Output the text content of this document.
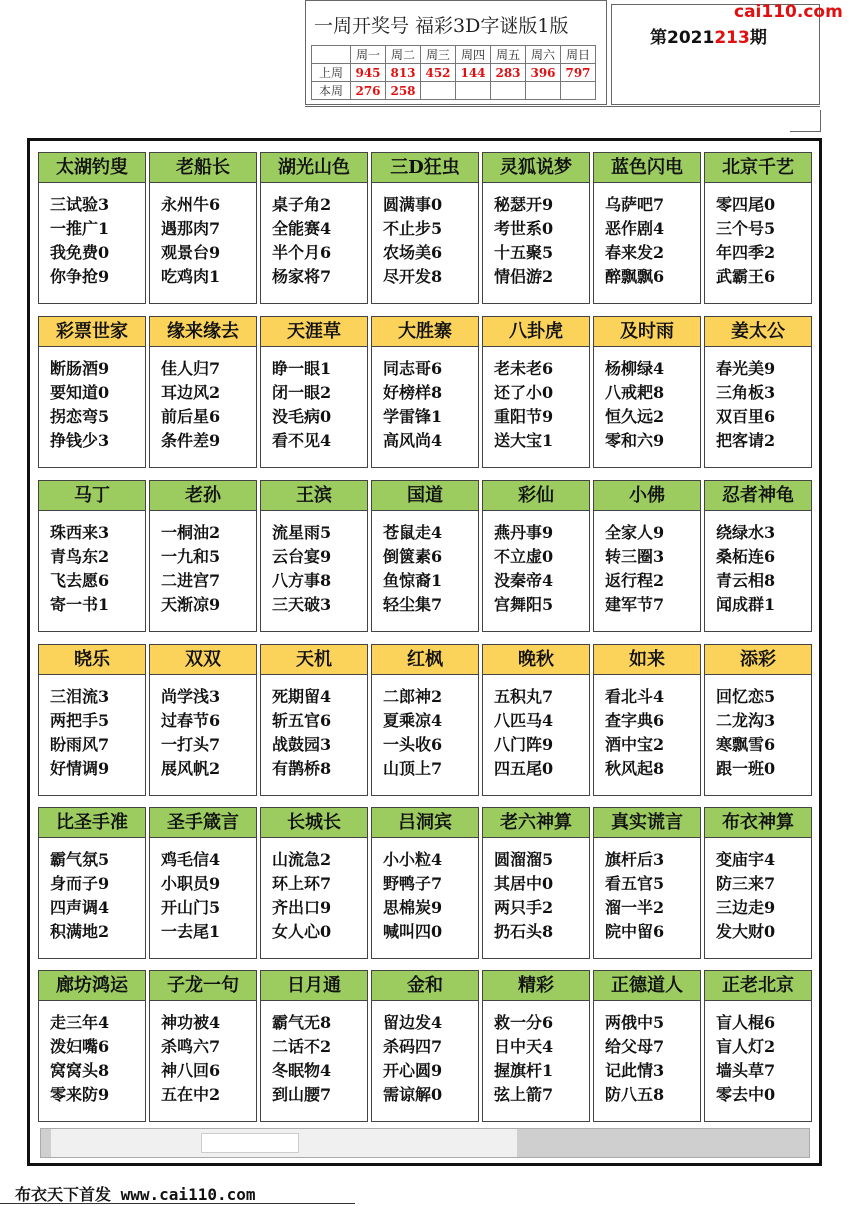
一周开奖号 福彩3D字谜版1版
	周一	周二	周三	周四	周五	周六	周日
上周	945	813	452	144	283	396	797
本周	276	258					
第2021213期
cai110.com
太湖钓叟
三试验3
一推广1
我免费0
你争抢9
老船长
永州牛6
遇那肉7
观景台9
吃鸡肉1
湖光山色
桌子角2
全能赛4
半个月6
杨家将7
三D狂虫
圆满事0
不止步5
农场美6
尽开发8
灵狐说梦
秘瑟开9
考世系0
十五聚5
情侣游2
蓝色闪电
乌萨吧7
恶作剧4
春来发2
醉飘飘6
北京千艺
零四尾0
三个号5
年四季2
武霸王6
彩票世家
断肠酒9
要知道0
拐恋弯5
挣钱少3
缘来缘去
佳人归7
耳边风2
前后星6
条件差9
天涯草
睁一眼1
闭一眼2
没毛病0
看不见4
大胜寨
同志哥6
好榜样8
学雷锋1
高风尚4
八卦虎
老未老6
还了小0
重阳节9
送大宝1
及时雨
杨柳绿4
八戒耙8
恒久远2
零和六9
姜太公
春光美9
三角板3
双百里6
把客请2
马丁
珠西来3
青鸟东2
飞去愿6
寄一书1
老孙
一桐油2
一九和5
二进宫7
天渐凉9
王滨
流星雨5
云台宴9
八方事8
三天破3
国道
苍鼠走4
倒篋素6
鱼惊裔1
轻尘集7
彩仙
燕丹事9
不立虚0
没秦帝4
宫舞阳5
小佛
全家人9
转三圈3
返行程2
建军节7
忍者神龟
绕绿水3
桑柘连6
青云相8
闻成群1
晓乐
三泪流3
两把手5
盼雨风7
好情调9
双双
尚学浅3
过春节6
一打头7
展风帆2
天机
死期留4
斩五官6
战鼓园3
有鹊桥8
红枫
二郎神2
夏乘凉4
一头收6
山顶上7
晚秋
五积丸7
八匹马4
八门阵9
四五尾0
如来
看北斗4
查字典6
酒中宝2
秋风起8
添彩
回忆恋5
二龙沟3
寒飘雪6
跟一班0
比圣手准
霸气氛5
身而子9
四声调4
积满地2
圣手箴言
鸡毛信4
小职员9
开山门5
一去尾1
长城长
山流急2
环上环7
齐出口9
女人心0
吕洞宾
小小粒4
野鸭子7
思棉炭9
喊叫四0
老六神算
圆溜溜5
其居中0
两只手2
扔石头8
真实谎言
旗杆后3
看五官5
溜一半2
院中留6
布衣神算
变庙宇4
防三来7
三边走9
发大财0
廊坊鸿运
走三年4
泼妇嘴6
窝窝头8
零来防9
子龙一句
神功被4
杀鸣六7
神八回6
五在中2
日月通
霸气无8
二话不2
冬眠物4
到山腰7
金和
留边发4
杀码四7
开心圆9
需谅解0
精彩
救一分6
日中天4
握旗杆1
弦上箭7
正德道人
两俄中5
给父母7
记此情3
防八五8
正老北京
盲人棍6
盲人灯2
墙头草7
零去中0
布衣天下首发 www.cai110.com
